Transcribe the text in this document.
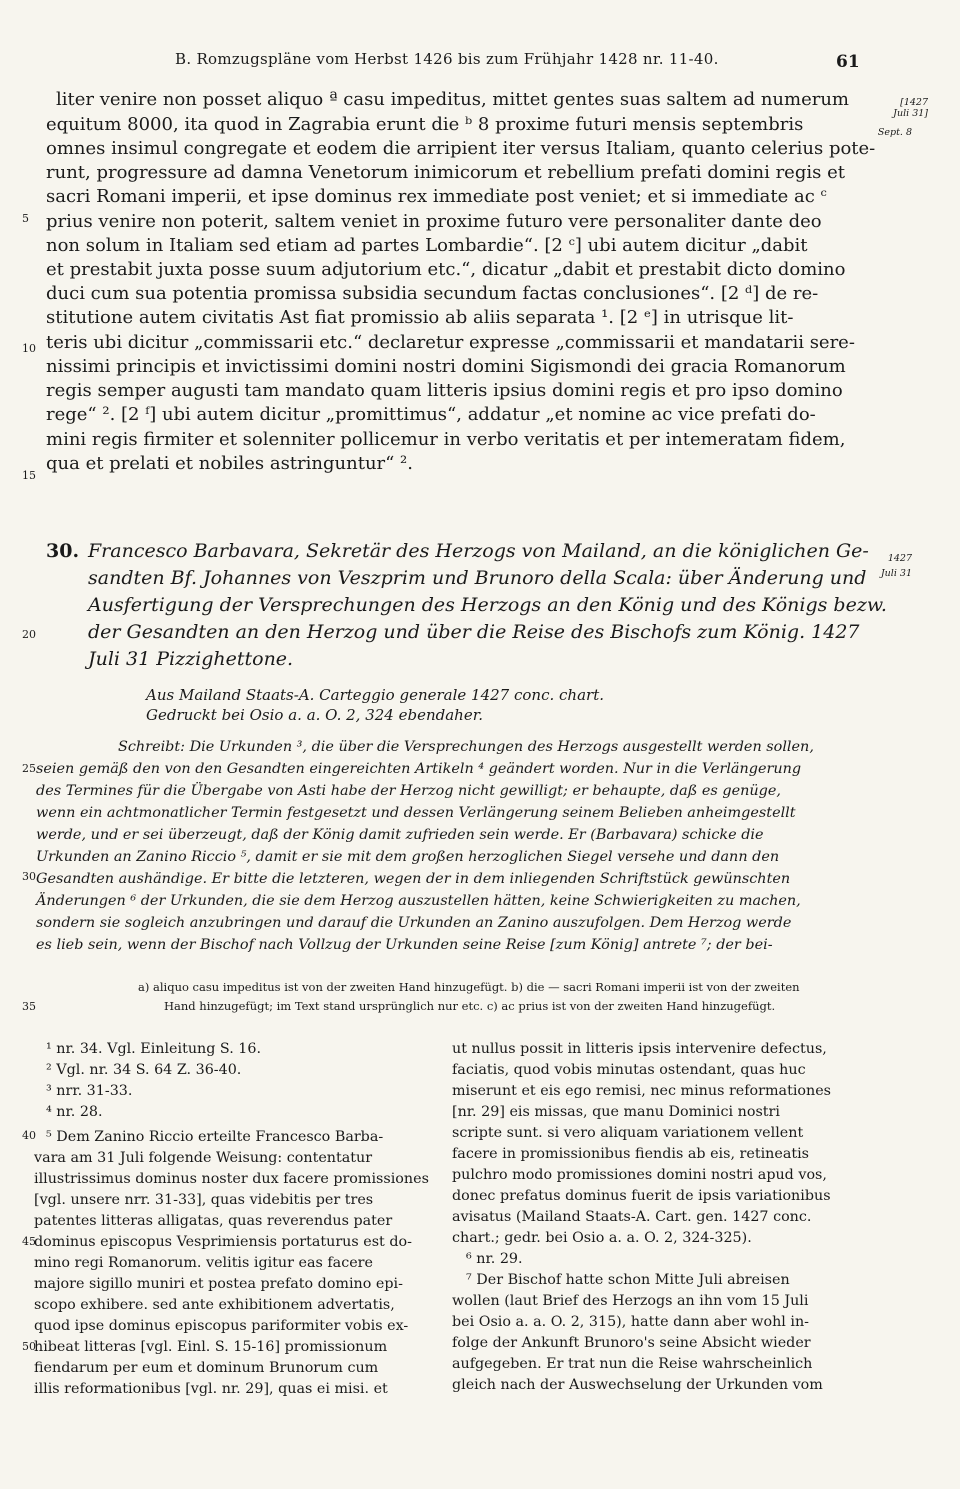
B. Romzugspläne vom Herbst 1426 bis zum Frühjahr 1428 nr. 11-40.	61
[1427
Juli 31]
Sept. 8
1427
Juli 31
5
10
15
20
25
30
35
40
45
50
liter venire non posset aliquo ª casu impeditus, mittet gentes suas saltem ad numerum
equitum 8000, ita quod in Zagrabia erunt die ᵇ 8 proxime futuri mensis septembris
omnes insimul congregate et eodem die arripient iter versus Italiam, quanto celerius pote-
runt, progressure ad damna Venetorum inimicorum et rebellium prefati domini regis et
sacri Romani imperii, et ipse dominus rex immediate post veniet; et si immediate ac ᶜ
prius venire non poterit, saltem veniet in proxime futuro vere personaliter dante deo
non solum in Italiam sed etiam ad partes Lombardie“. [2 ᶜ] ubi autem dicitur „dabit
et prestabit juxta posse suum adjutorium etc.“, dicatur „dabit et prestabit dicto domino
duci cum sua potentia promissa subsidia secundum factas conclusiones“. [2 ᵈ] de re-
stitutione autem civitatis Ast fiat promissio ab aliis separata ¹. [2 ᵉ] in utrisque lit-
teris ubi dicitur „commissarii etc.“ declaretur expresse „commissarii et mandatarii sere-
nissimi principis et invictissimi domini nostri domini Sigismondi dei gracia Romanorum
regis semper augusti tam mandato quam litteris ipsius domini regis et pro ipso domino
rege“ ². [2 ᶠ] ubi autem dicitur „promittimus“, addatur „et nomine ac vice prefati do-
mini regis firmiter et solenniter pollicemur in verbo veritatis et per intemeratam fidem,
qua et prelati et nobiles astringuntur“ ².
30. Francesco Barbavara, Sekretär des Herzogs von Mailand, an die königlichen Ge-
sandten Bf. Johannes von Veszprim und Brunoro della Scala: über Änderung und
Ausfertigung der Versprechungen des Herzogs an den König und des Königs bezw.
der Gesandten an den Herzog und über die Reise des Bischofs zum König. 1427
Juli 31 Pizzighettone.
Aus Mailand Staats-A. Carteggio generale 1427 conc. chart.
Gedruckt bei Osio a. a. O. 2, 324 ebendaher.
Schreibt: Die Urkunden ³, die über die Versprechungen des Herzogs ausgestellt werden sollen,
seien gemäß den von den Gesandten eingereichten Artikeln ⁴ geändert worden. Nur in die Verlängerung
des Termines für die Übergabe von Asti habe der Herzog nicht gewilligt; er behaupte, daß es genüge,
wenn ein achtmonatlicher Termin festgesetzt und dessen Verlängerung seinem Belieben anheimgestellt
werde, und er sei überzeugt, daß der König damit zufrieden sein werde. Er (Barbavara) schicke die
Urkunden an Zanino Riccio ⁵, damit er sie mit dem großen herzoglichen Siegel versehe und dann den
Gesandten aushändige. Er bitte die letzteren, wegen der in dem inliegenden Schriftstück gewünschten
Änderungen ⁶ der Urkunden, die sie dem Herzog auszustellen hätten, keine Schwierigkeiten zu machen,
sondern sie sogleich anzubringen und darauf die Urkunden an Zanino auszufolgen. Dem Herzog werde
es lieb sein, wenn der Bischof nach Vollzug der Urkunden seine Reise [zum König] antrete ⁷; der bei-
a) aliquo casu impeditus ist von der zweiten Hand hinzugefügt. b) die — sacri Romani imperii ist von der zweiten
Hand hinzugefügt; im Text stand ursprünglich nur etc. c) ac prius ist von der zweiten Hand hinzugefügt.
¹ nr. 34. Vgl. Einleitung S. 16.
² Vgl. nr. 34 S. 64 Z. 36-40.
³ nrr. 31-33.
⁴ nr. 28.
⁵ Dem Zanino Riccio erteilte Francesco Barba-
vara am 31 Juli folgende Weisung: contentatur
illustrissimus dominus noster dux facere promissiones
[vgl. unsere nrr. 31-33], quas videbitis per tres
patentes litteras alligatas, quas reverendus pater
dominus episcopus Vesprimiensis portaturus est do-
mino regi Romanorum. velitis igitur eas facere
majore sigillo muniri et postea prefato domino epi-
scopo exhibere. sed ante exhibitionem advertatis,
quod ipse dominus episcopus pariformiter vobis ex-
hibeat litteras [vgl. Einl. S. 15-16] promissionum
fiendarum per eum et dominum Brunorum cum
illis reformationibus [vgl. nr. 29], quas ei misi. et
ut nullus possit in litteris ipsis intervenire defectus,
faciatis, quod vobis minutas ostendant, quas huc
miserunt et eis ego remisi, nec minus reformationes
[nr. 29] eis missas, que manu Dominici nostri
scripte sunt. si vero aliquam variationem vellent
facere in promissionibus fiendis ab eis, retineatis
pulchro modo promissiones domini nostri apud vos,
donec prefatus dominus fuerit de ipsis variationibus
avisatus (Mailand Staats-A. Cart. gen. 1427 conc.
chart.; gedr. bei Osio a. a. O. 2, 324-325).
⁶ nr. 29.
⁷ Der Bischof hatte schon Mitte Juli abreisen
wollen (laut Brief des Herzogs an ihn vom 15 Juli
bei Osio a. a. O. 2, 315), hatte dann aber wohl in-
folge der Ankunft Brunoro's seine Absicht wieder
aufgegeben. Er trat nun die Reise wahrscheinlich
gleich nach der Auswechselung der Urkunden vom
